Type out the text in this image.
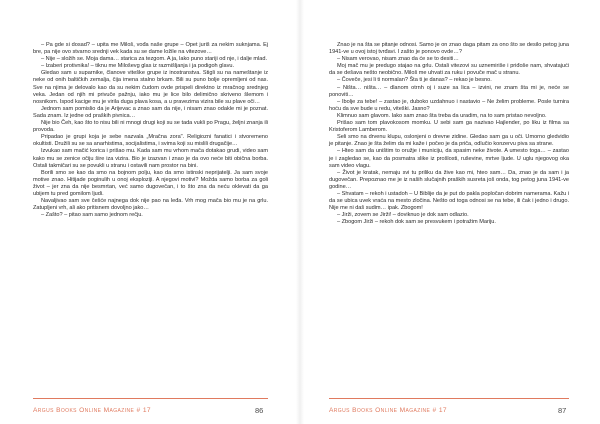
– Pa gde si dosad? – upita me Miloš, vođa naše grupe – Opet juriš za nekim suknjama. Ej bre, pa nije ovo stvarno srednji vek kada su se dame ložile na vitezove…

– Nije – složih se. Moja dama… starica za tezgom. A ja, lako puno stariji od nje, i dalje mlad.

– Izaberi protivnika! – tiknu me Miloševg glas iz razmišljanja i ja podigoh glavu.

Gledao sam u suparnike, članove viteške grupe iz inostranstva. Stigli su na nameštanje iz neke od onih baltičkih zemalja, čija imena stalno brkam. Bili su puno bolje opremljeni od nas. Sve na njima je delovalo kao da su nekim čudom ovde prispeli direktno iz mračnog srednjeg veka. Jedan od njih mi privuče pažnju, iako mu je lice bilo delimično skriveno šlemom i nosnikom. Ispod kacige mu je virila duga plava kosa, a u pravezima vizira bile su plave oči…

Jednom sam pomislio da je Arijevac a znao sam da nije, i nisam znao odakle mi je poznat. Sada znam. Iz jedne od praških pivnica…

Nije bio Čeh, kao što to nisu bili ni mnogi drugi koji su se tada vukli po Pragu, željni znanja ili provoda.

Pripadao je grupi koja je sebe nazvala „Mračna zora". Religiozni fanatici i stvoremeno okultisti. Družili su se sa anarhistima, socijalistima, i svima koji su mislili drugačije…

Izvukao sam mačić korica i prišao mu. Kada sam mu vrhom mača dotakao grudi, video sam kako mu se zenice očiju šire iza vizira. Bio je izazvan i znao je da ovo neće biti obična borba. Ostali takmičari su se povukli u stranu i ostavili nam prostor na bini.

Borili smo se kao da smo na bojnom polju, kao da smo istinski neprijatelji. Ja sam svoje motive znao. Hitijade poginulih u onoj eksploziji. A njegovi motivi? Možda samo borba za goli život – jer zna da nije besmrtan, već samo dugovečan, i to što zna da neću oklevati da ga ubijem tu pred gomilom ljudi.

Navaljivao sam sve češće najnega dok nije pao na leđa. Vrh mog mača bio mu je na grlu. Zatupljeni vrh, ali ako pritisnem dovoljno jako…

– Zašto? – pitao sam samo jednom rečju.

Argus Books Online Magazine # 17	86

Znao je na šta se pitanje odnosi. Samo je on znao daga pitam za ono što se desilo petog juna 1941-ve u ovoj istoj tvrđavi. I zašto je ponovo ovde…?

– Nisam verovao, nisam znao da će se to desiti…

Moj mač mu je predugo stajao na grlu. Ostali vitezovi su uznemiriše i priđoše nam, shvatajući da se dešava nešto neobično. Miloš me uhvati za ruku i povuče mač u stranu.

– Čoveče, jesi li ti normalan? Šta ti je danas? – rekao je besno.

– Ništa… ništa… – dlanom otrnh oj i suze sa lica – izvini, ne znam šta mi je, neće se ponoviti…

– Ibolje za tebe! – zastao je, duboko uzdahnuo i nastavio – Ne želim probleme. Posle turnira hoću da sve bude u redu, viteški. Jasno?

Klimnuo sam glavom. Iako sam znao šta treba da uradim, na to sam pristao nevoljno.

Prišao sam tom plavokosom momku. U sebi sam ga nazivao Hajlender, po liku iz filma sa Kristoferom Lamberom.

Seli smo na drvenu klupu, oslonjeni o drevne zidine. Gledao sam ga u oči. Umorno gledvidio je pitanje. Znao je šta želim da mi kaže i počeo je da priča, odlučio konzervu piva sa strane.

– Hteo sam da uništim to oružje i municiju, da spasim neke živote. A umesto toga… – zastao je i zagledao se, kao da posmatra slike iz prošlosti, ruševine, mrtve ljude. U uglu njegovog oka sam video vlagu.

– Život je kratak, nemaju svi tu priliku da žive kao mi, hteo sam… Da, znao je da sam i ja dugovečan. Prepoznao me je iz naših slučajnih praških susreta još onda, tog petog juna 1941-ve godine…

– Shvatam – rekoh i ustadoh – U Biblije da je put do pakla popločan dobrim namerama. Kažu i da se ubica uvek vraća na mesto zločina. Nešto od toga odnosi se na tebe, ili čak i jedno i drugo. Nije me ni daš sudim… ipak. Zbogom!

– Jirži, zovem se Jirži! – doviknuo je dok sam odlazio.

– Zbogom Jirži – rekoh dok sam se presvukem i potražim Mariju.

Argus Books Online Magazine # 17	87
